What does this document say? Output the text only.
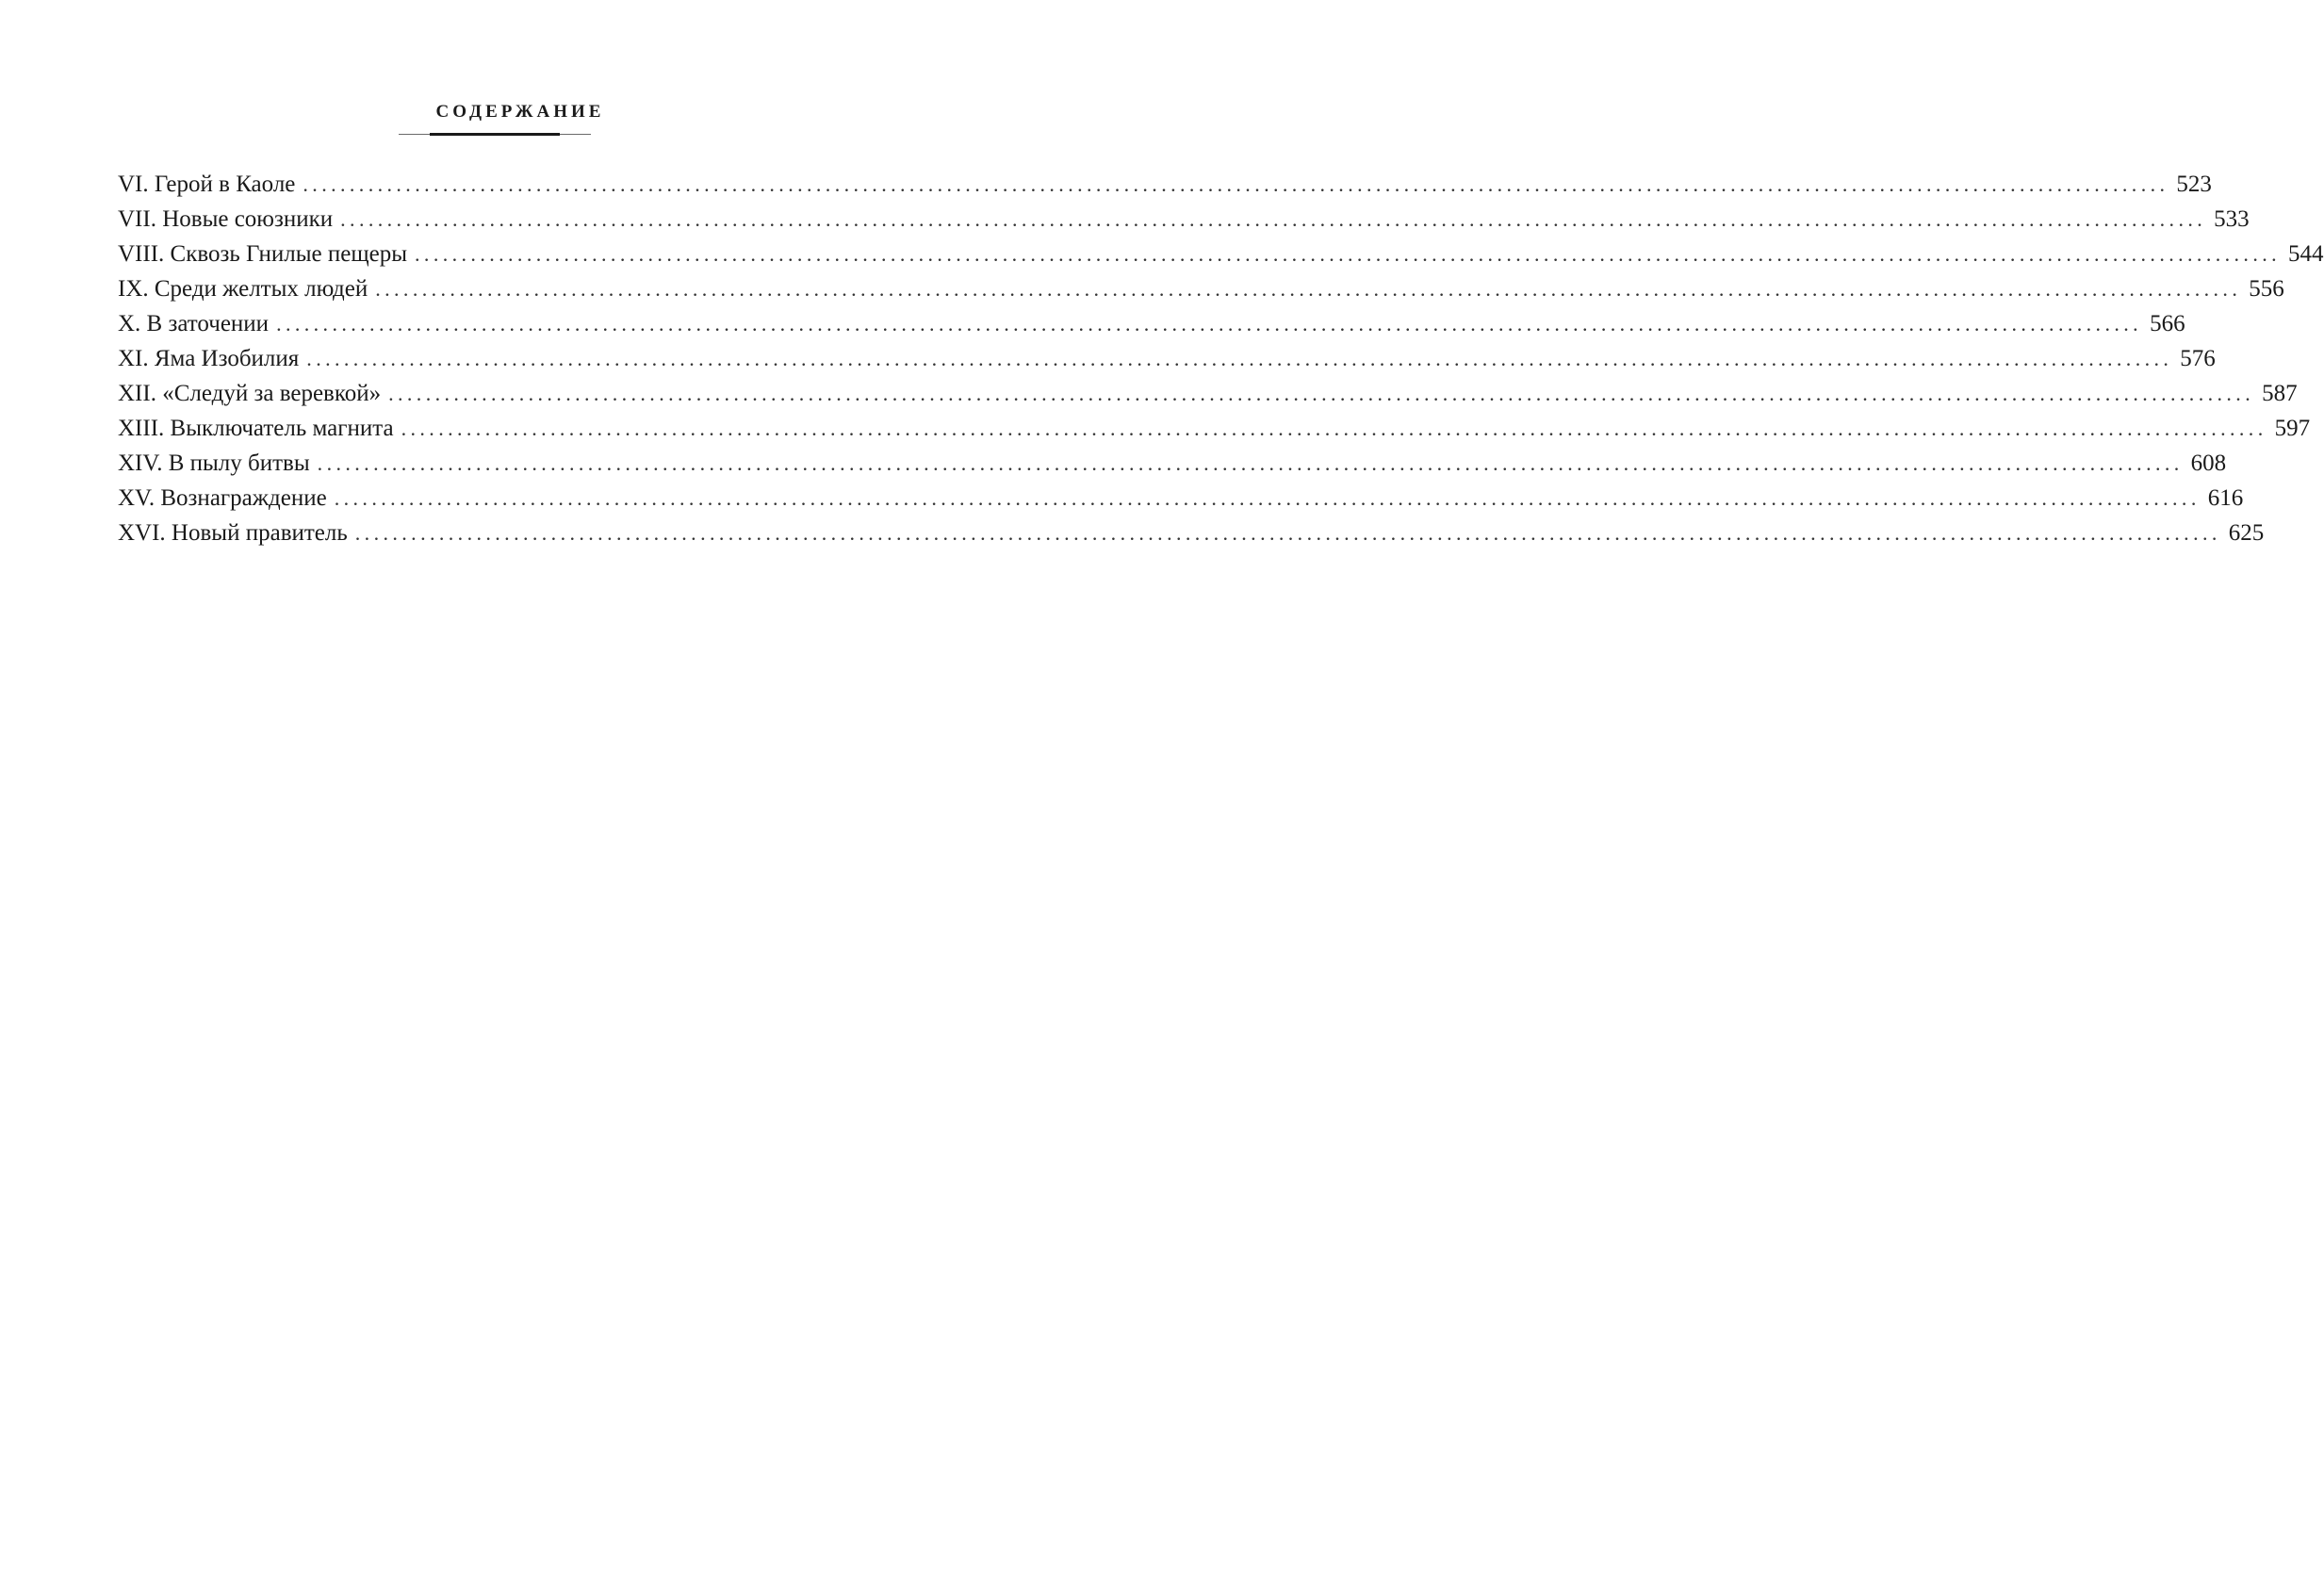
СОДЕРЖАНИЕ
VI. Герой в Каоле ........................................................................................................................................................................................................ 523
VII. Новые союзники ........................................................................................................................................................................................................ 533
VIII. Сквозь Гнилые пещеры ........................................................................................................................................................................................................ 544
IX. Среди желтых людей ........................................................................................................................................................................................................ 556
X. В заточении ........................................................................................................................................................................................................ 566
XI. Яма Изобилия ........................................................................................................................................................................................................ 576
XII. «Следуй за веревкой» ........................................................................................................................................................................................................ 587
XIII. Выключатель магнита ........................................................................................................................................................................................................ 597
XIV. В пылу битвы ........................................................................................................................................................................................................ 608
XV. Вознаграждение ........................................................................................................................................................................................................ 616
XVI. Новый правитель ........................................................................................................................................................................................................ 625
